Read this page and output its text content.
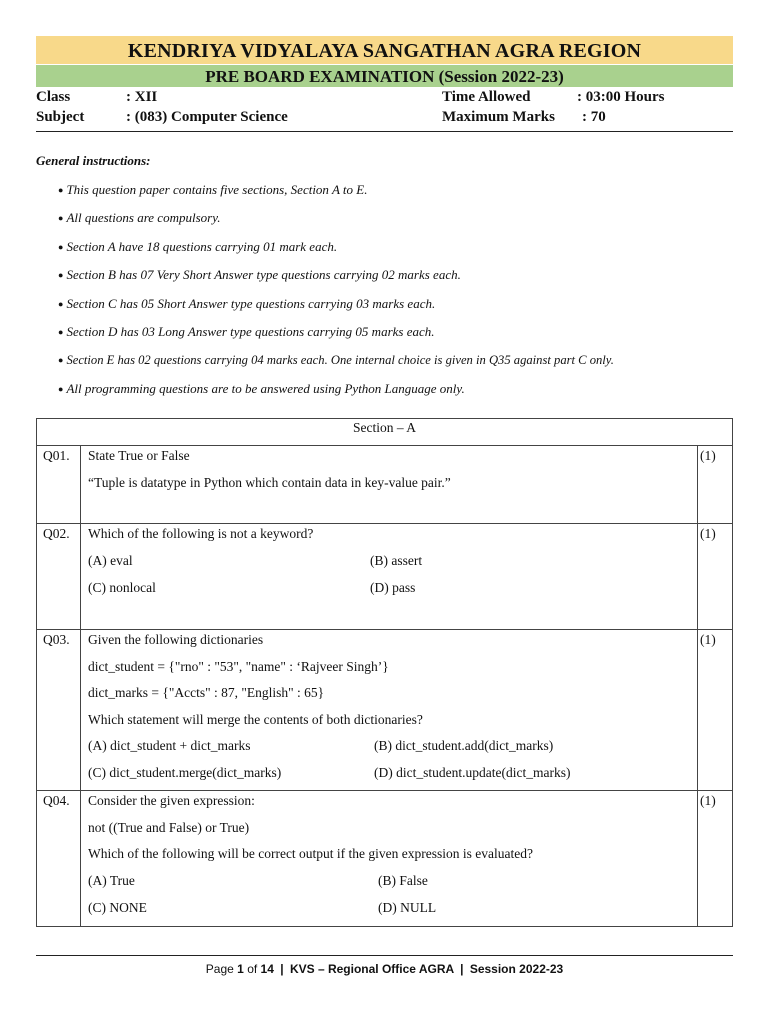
KENDRIYA VIDYALAYA SANGATHAN AGRA REGION
PRE BOARD EXAMINATION (Session 2022-23)
Class	: XII	Time Allowed	: 03:00 Hours
Subject	: (083) Computer Science	Maximum Marks : 70
General instructions:
● This question paper contains five sections, Section A to E.
● All questions are compulsory.
● Section A have 18 questions carrying 01 mark each.
● Section B has 07 Very Short Answer type questions carrying 02 marks each.
● Section C has 05 Short Answer type questions carrying 03 marks each.
● Section D has 03 Long Answer type questions carrying 05 marks each.
● Section E has 02 questions carrying 04 marks each. One internal choice is given in Q35 against part C only.
● All programming questions are to be answered using Python Language only.
Section – A
Q01. State True or False
“Tuple is datatype in Python which contain data in key-value pair.”
(1)
Q02. Which of the following is not a keyword?
(A) eval	(B) assert
(C) nonlocal	(D) pass
(1)
Q03. Given the following dictionaries
dict_student = {"rno" : "53", "name" : ‘Rajveer Singh’}
dict_marks = {"Accts" : 87, "English" : 65}
Which statement will merge the contents of both dictionaries?
(A) dict_student + dict_marks	(B) dict_student.add(dict_marks)
(C) dict_student.merge(dict_marks)	(D) dict_student.update(dict_marks)
(1)
Q04. Consider the given expression:
not ((True and False) or True)
Which of the following will be correct output if the given expression is evaluated?
(A) True	(B) False
(C) NONE	(D) NULL
(1)
Page 1 of 14 | KVS – Regional Office AGRA | Session 2022-23
